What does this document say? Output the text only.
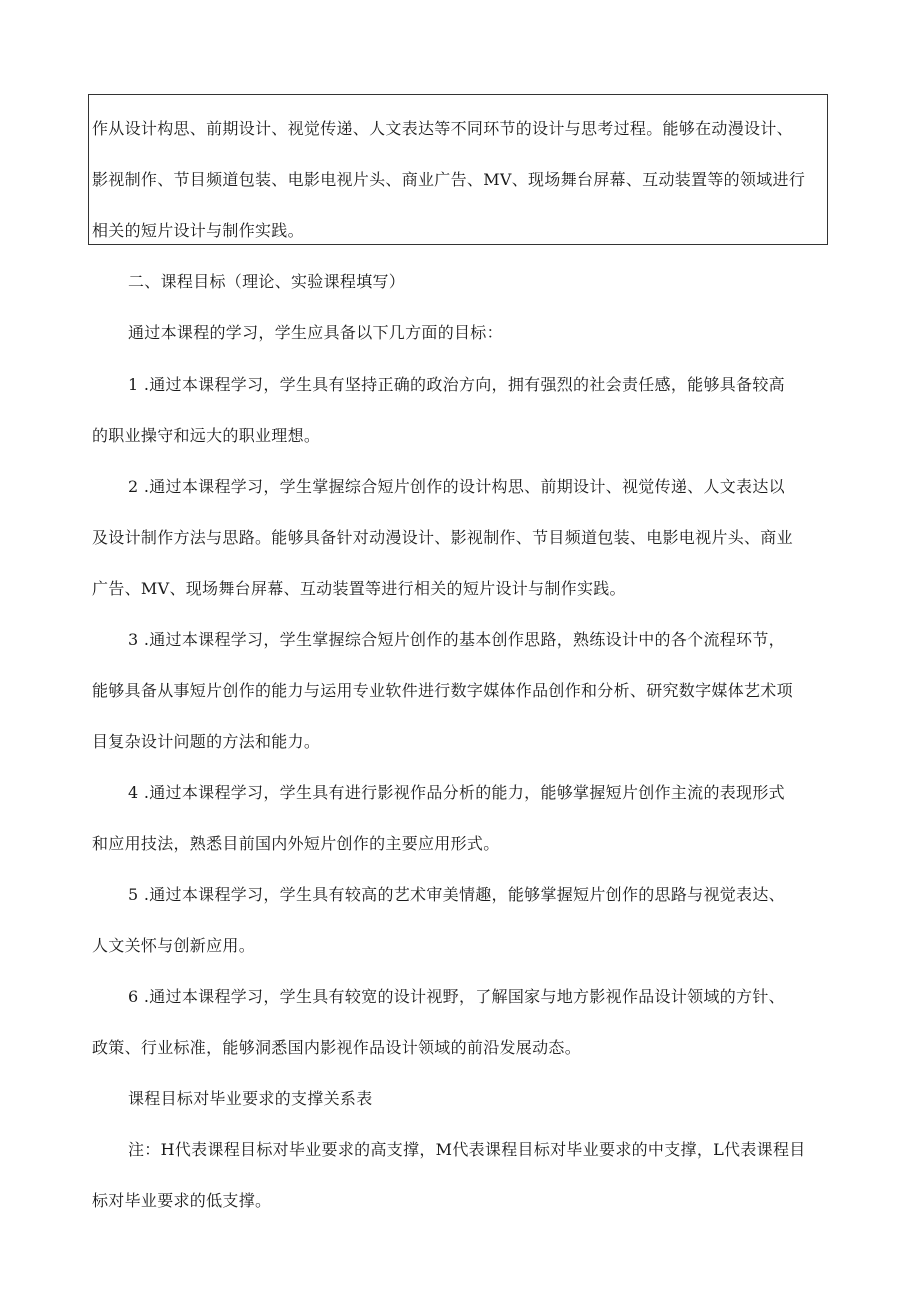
作从设计构思、前期设计、视觉传递、人文表达等不同环节的设计与思考过程。能够在动漫设计、

影视制作、节目频道包装、电影电视片头、商业广告、MV、现场舞台屏幕、互动装置等的领域进行

相关的短片设计与制作实践。

二、课程目标（理论、实验课程填写）

通过本课程的学习，学生应具备以下几方面的目标：

1 .通过本课程学习，学生具有坚持正确的政治方向，拥有强烈的社会责任感，能够具备较高

的职业操守和远大的职业理想。

2 .通过本课程学习，学生掌握综合短片创作的设计构思、前期设计、视觉传递、人文表达以

及设计制作方法与思路。能够具备针对动漫设计、影视制作、节目频道包装、电影电视片头、商业

广告、MV、现场舞台屏幕、互动装置等进行相关的短片设计与制作实践。

3 .通过本课程学习，学生掌握综合短片创作的基本创作思路，熟练设计中的各个流程环节，

能够具备从事短片创作的能力与运用专业软件进行数字媒体作品创作和分析、研究数字媒体艺术项

目复杂设计问题的方法和能力。

4 .通过本课程学习，学生具有进行影视作品分析的能力，能够掌握短片创作主流的表现形式

和应用技法，熟悉目前国内外短片创作的主要应用形式。

5 .通过本课程学习，学生具有较高的艺术审美情趣，能够掌握短片创作的思路与视觉表达、

人文关怀与创新应用。

6 .通过本课程学习，学生具有较宽的设计视野，了解国家与地方影视作品设计领域的方针、

政策、行业标准，能够洞悉国内影视作品设计领域的前沿发展动态。

课程目标对毕业要求的支撑关系表

注：H代表课程目标对毕业要求的高支撑，M代表课程目标对毕业要求的中支撑，L代表课程目

标对毕业要求的低支撑。
